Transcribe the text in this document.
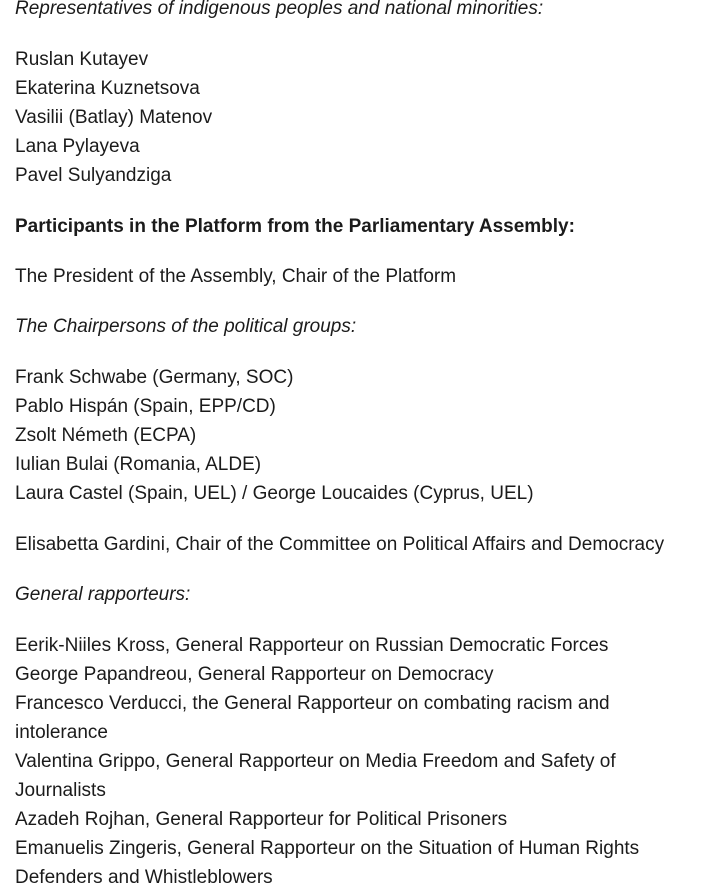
Representatives of indigenous peoples and national minorities:

Ruslan Kutayev
Ekaterina Kuznetsova
Vasilii (Batlay) Matenov
Lana Pylayeva
Pavel Sulyandziga

Participants in the Platform from the Parliamentary Assembly:

The President of the Assembly, Chair of the Platform

The Chairpersons of the political groups:

Frank Schwabe (Germany, SOC)
Pablo Hispán (Spain, EPP/CD)
Zsolt Németh (ECPA)
Iulian Bulai (Romania, ALDE)
Laura Castel (Spain, UEL) / George Loucaides (Cyprus, UEL)

Elisabetta Gardini, Chair of the Committee on Political Affairs and Democracy

General rapporteurs:

Eerik-Niiles Kross, General Rapporteur on Russian Democratic Forces
George Papandreou, General Rapporteur on Democracy
Francesco Verducci, the General Rapporteur on combating racism and intolerance
Valentina Grippo, General Rapporteur on Media Freedom and Safety of Journalists
Azadeh Rojhan, General Rapporteur for Political Prisoners
Emanuelis Zingeris, General Rapporteur on the Situation of Human Rights Defenders and Whistleblowers
